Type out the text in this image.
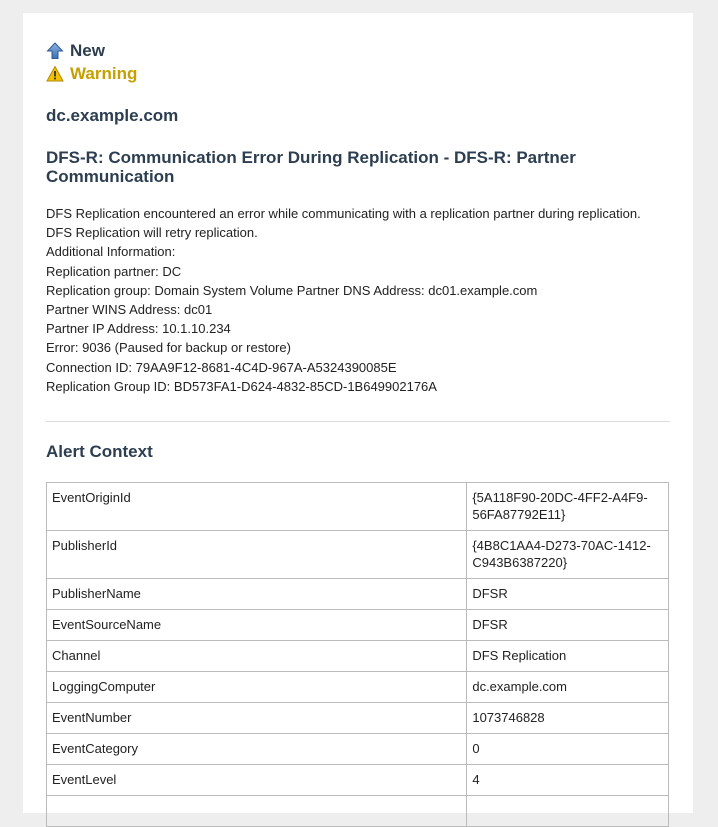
New
Warning
dc.example.com
DFS-R: Communication Error During Replication - DFS-R: Partner Communication
DFS Replication encountered an error while communicating with a replication partner during replication.
DFS Replication will retry replication.
Additional Information:
Replication partner: DC
Replication group: Domain System Volume Partner DNS Address: dc01.example.com
Partner WINS Address: dc01
Partner IP Address: 10.1.10.234
Error: 9036 (Paused for backup or restore)
Connection ID: 79AA9F12-8681-4C4D-967A-A5324390085E
Replication Group ID: BD573FA1-D624-4832-85CD-1B649902176A
Alert Context
EventOriginId	{5A118F90-20DC-4FF2-A4F9-56FA87792E11}
PublisherId	{4B8C1AA4-D273-70AC-1412-C943B6387220}
PublisherName	DFSR
EventSourceName	DFSR
Channel	DFS Replication
LoggingComputer	dc.example.com
EventNumber	1073746828
EventCategory	0
EventLevel	4
